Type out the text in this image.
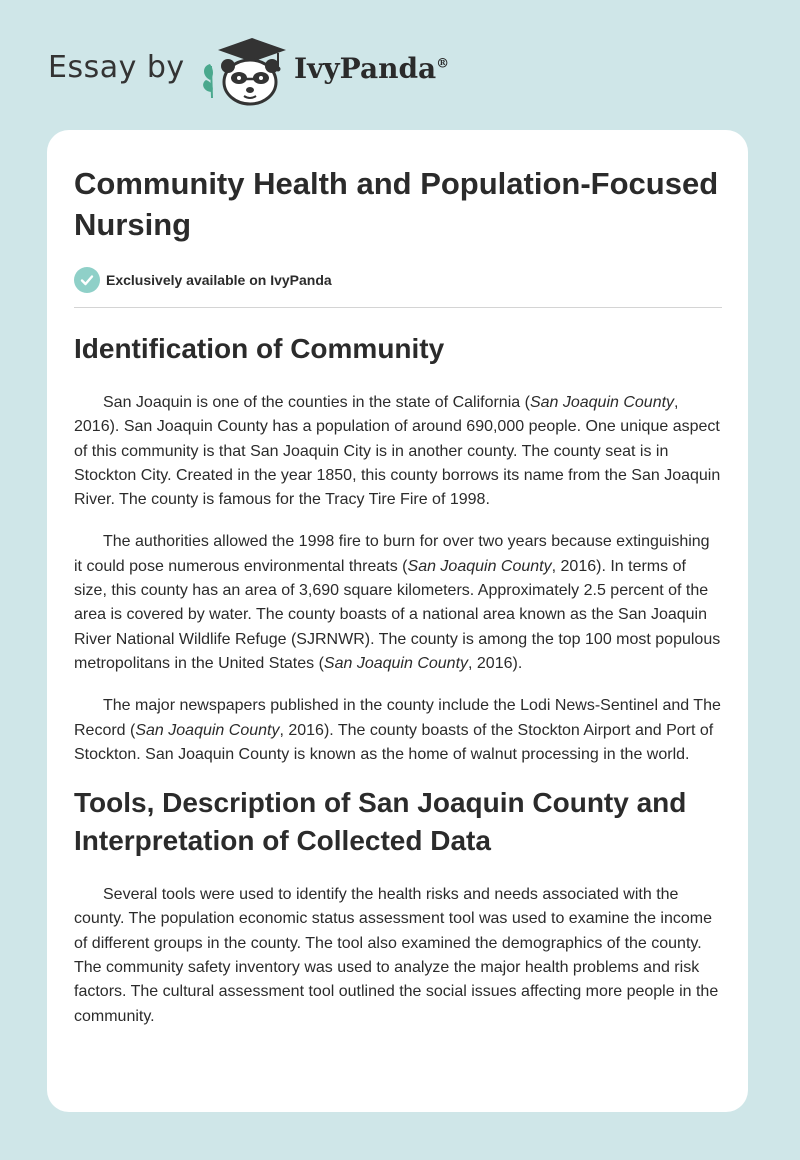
Essay by	IvyPanda®
Community Health and Population-Focused Nursing
Exclusively available on IvyPanda
Identification of Community

San Joaquin is one of the counties in the state of California (San Joaquin County, 2016). San Joaquin County has a population of around 690,000 people. One unique aspect of this community is that San Joaquin City is in another county. The county seat is in Stockton City. Created in the year 1850, this county borrows its name from the San Joaquin River. The county is famous for the Tracy Tire Fire of 1998.

The authorities allowed the 1998 fire to burn for over two years because extinguishing it could pose numerous environmental threats (San Joaquin County, 2016). In terms of size, this county has an area of 3,690 square kilometers. Approximately 2.5 percent of the area is covered by water. The county boasts of a national area known as the San Joaquin River National Wildlife Refuge (SJRNWR). The county is among the top 100 most populous metropolitans in the United States (San Joaquin County, 2016).

The major newspapers published in the county include the Lodi News-Sentinel and The Record (San Joaquin County, 2016). The county boasts of the Stockton Airport and Port of Stockton. San Joaquin County is known as the home of walnut processing in the world.

Tools, Description of San Joaquin County and Interpretation of Collected Data

Several tools were used to identify the health risks and needs associated with the county. The population economic status assessment tool was used to examine the income of different groups in the county. The tool also examined the demographics of the county. The community safety inventory was used to analyze the major health problems and risk factors. The cultural assessment tool outlined the social issues affecting more people in the community.
